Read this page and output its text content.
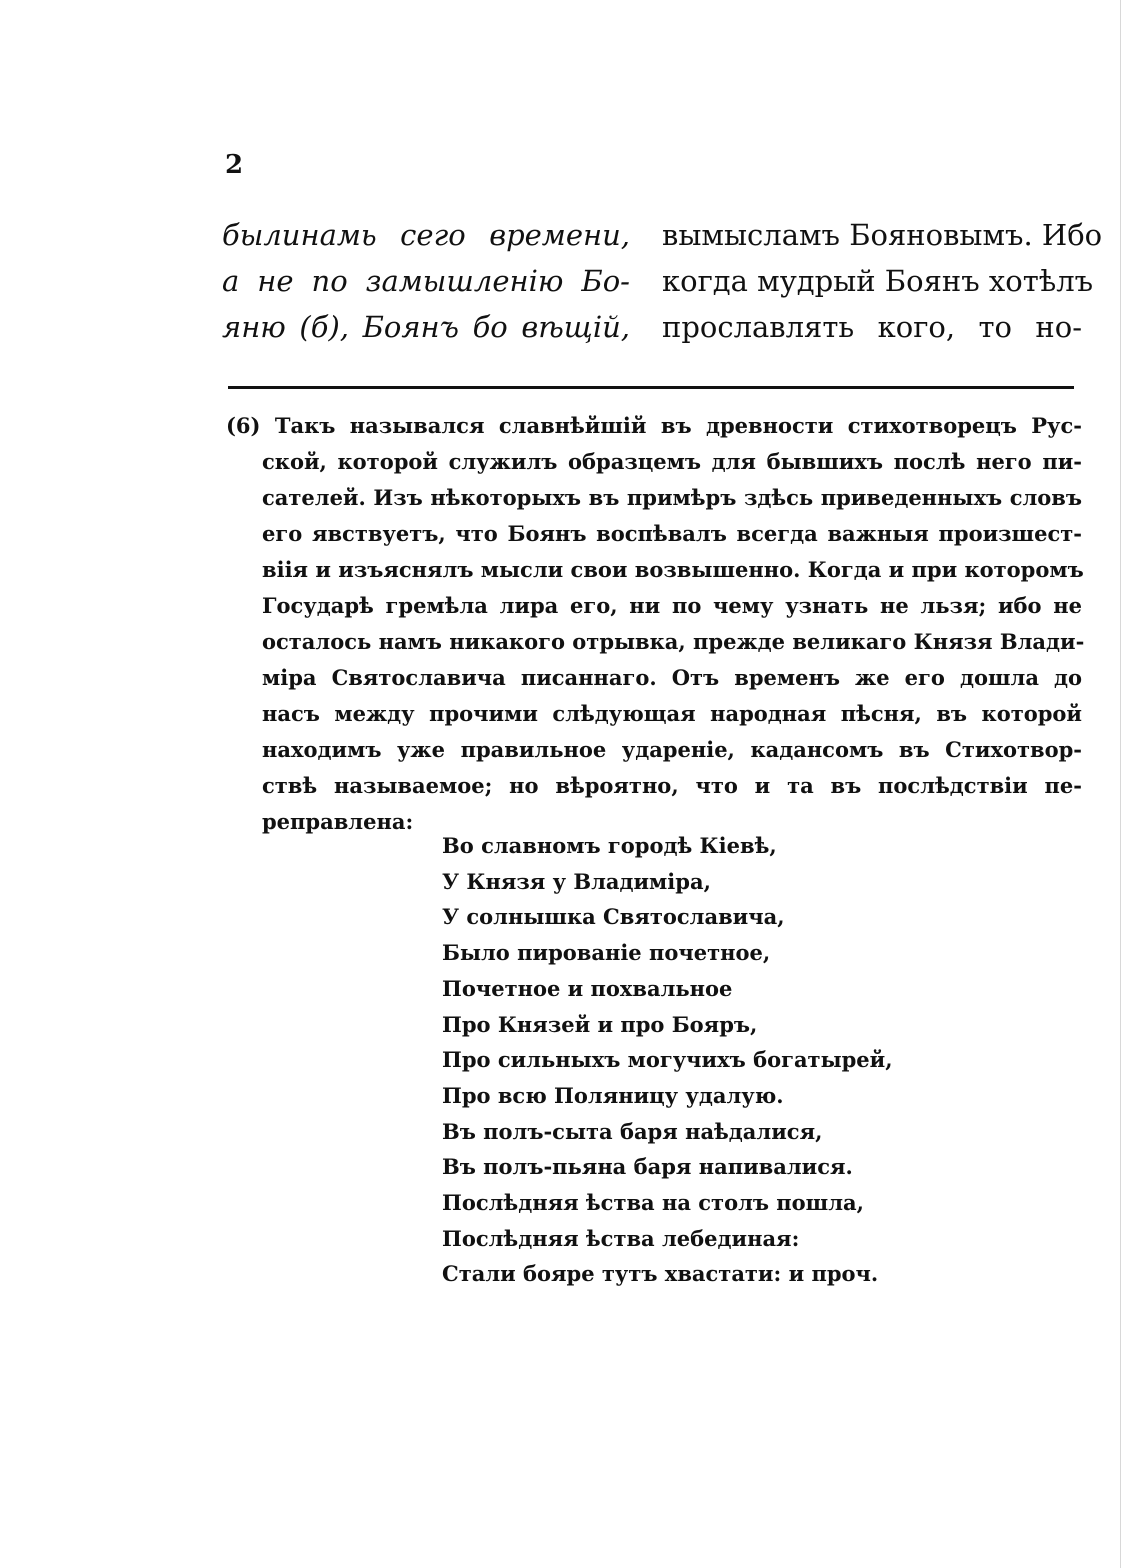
2
былинамь сего времени,
а не по замышленію Бо-
яню (б), Боянъ бо вѣщій,
вымысламъ Бояновымъ. Ибо
когда мудрый Боянъ хотѣлъ
прославлять кого, то но-
(6) Такъ назывался славнѣйшій въ древности стихотворецъ Рус-
ской, которой служилъ образцемъ для бывшихъ послѣ него пи-
сателей. Изъ нѣкоторыхъ въ примѣръ здѣсь приведенныхъ словъ
его явствуетъ, что Боянъ воспѣвалъ всегда важныя произшест-
віія и изъяснялъ мысли свои возвышенно. Когда и при которомъ
Государѣ гремѣла лира его, ни по чему узнать не льзя; ибо не
осталось намъ никакого отрывка, прежде великаго Князя Влади-
міра Святославича писаннаго. Отъ временъ же его дошла до
насъ между прочими слѣдующая народная пѣсня, въ которой
находимъ уже правильное удареніе, кадансомъ въ Стихотвор-
ствѣ называемое; но вѣроятно, что и та въ послѣдствіи пе-
реправлена:
Во славномъ городѣ Кіевѣ,
У Князя у Владиміра,
У солнышка Святославича,
Было пированіе почетное,
Почетное и похвальное
Про Князей и про Бояръ,
Про сильныхъ могучихъ богатырей,
Про всю Поляницу удалую.
Въ полъ-сыта баря наѣдалися,
Въ полъ-пьяна баря напивалися.
Послѣдняя ѣства на столъ пошла,
Послѣдняя ѣства лебединая:
Стали бояре тутъ хвастати: и проч.
